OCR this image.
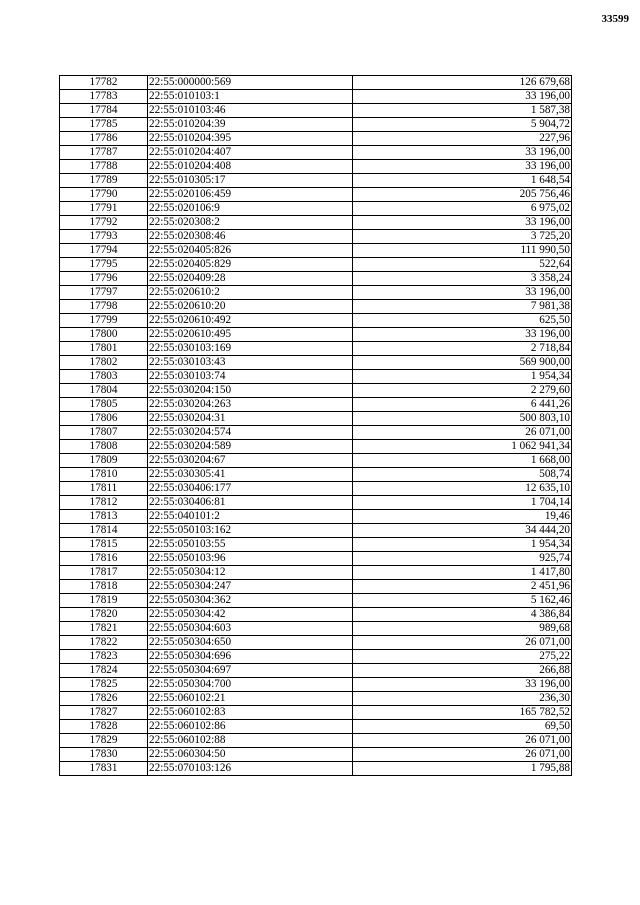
33599
17782	22:55:000000:569	126 679,68
17783	22:55:010103:1	33 196,00
17784	22:55:010103:46	1 587,38
17785	22:55:010204:39	5 904,72
17786	22:55:010204:395	227,96
17787	22:55:010204:407	33 196,00
17788	22:55:010204:408	33 196,00
17789	22:55:010305:17	1 648,54
17790	22:55:020106:459	205 756,46
17791	22:55:020106:9	6 975,02
17792	22:55:020308:2	33 196,00
17793	22:55:020308:46	3 725,20
17794	22:55:020405:826	111 990,50
17795	22:55:020405:829	522,64
17796	22:55:020409:28	3 358,24
17797	22:55:020610:2	33 196,00
17798	22:55:020610:20	7 981,38
17799	22:55:020610:492	625,50
17800	22:55:020610:495	33 196,00
17801	22:55:030103:169	2 718,84
17802	22:55:030103:43	569 900,00
17803	22:55:030103:74	1 954,34
17804	22:55:030204:150	2 279,60
17805	22:55:030204:263	6 441,26
17806	22:55:030204:31	500 803,10
17807	22:55:030204:574	26 071,00
17808	22:55:030204:589	1 062 941,34
17809	22:55:030204:67	1 668,00
17810	22:55:030305:41	508,74
17811	22:55:030406:177	12 635,10
17812	22:55:030406:81	1 704,14
17813	22:55:040101:2	19,46
17814	22:55:050103:162	34 444,20
17815	22:55:050103:55	1 954,34
17816	22:55:050103:96	925,74
17817	22:55:050304:12	1 417,80
17818	22:55:050304:247	2 451,96
17819	22:55:050304:362	5 162,46
17820	22:55:050304:42	4 386,84
17821	22:55:050304:603	989,68
17822	22:55:050304:650	26 071,00
17823	22:55:050304:696	275,22
17824	22:55:050304:697	266,88
17825	22:55:050304:700	33 196,00
17826	22:55:060102:21	236,30
17827	22:55:060102:83	165 782,52
17828	22:55:060102:86	69,50
17829	22:55:060102:88	26 071,00
17830	22:55:060304:50	26 071,00
17831	22:55:070103:126	1 795,88
